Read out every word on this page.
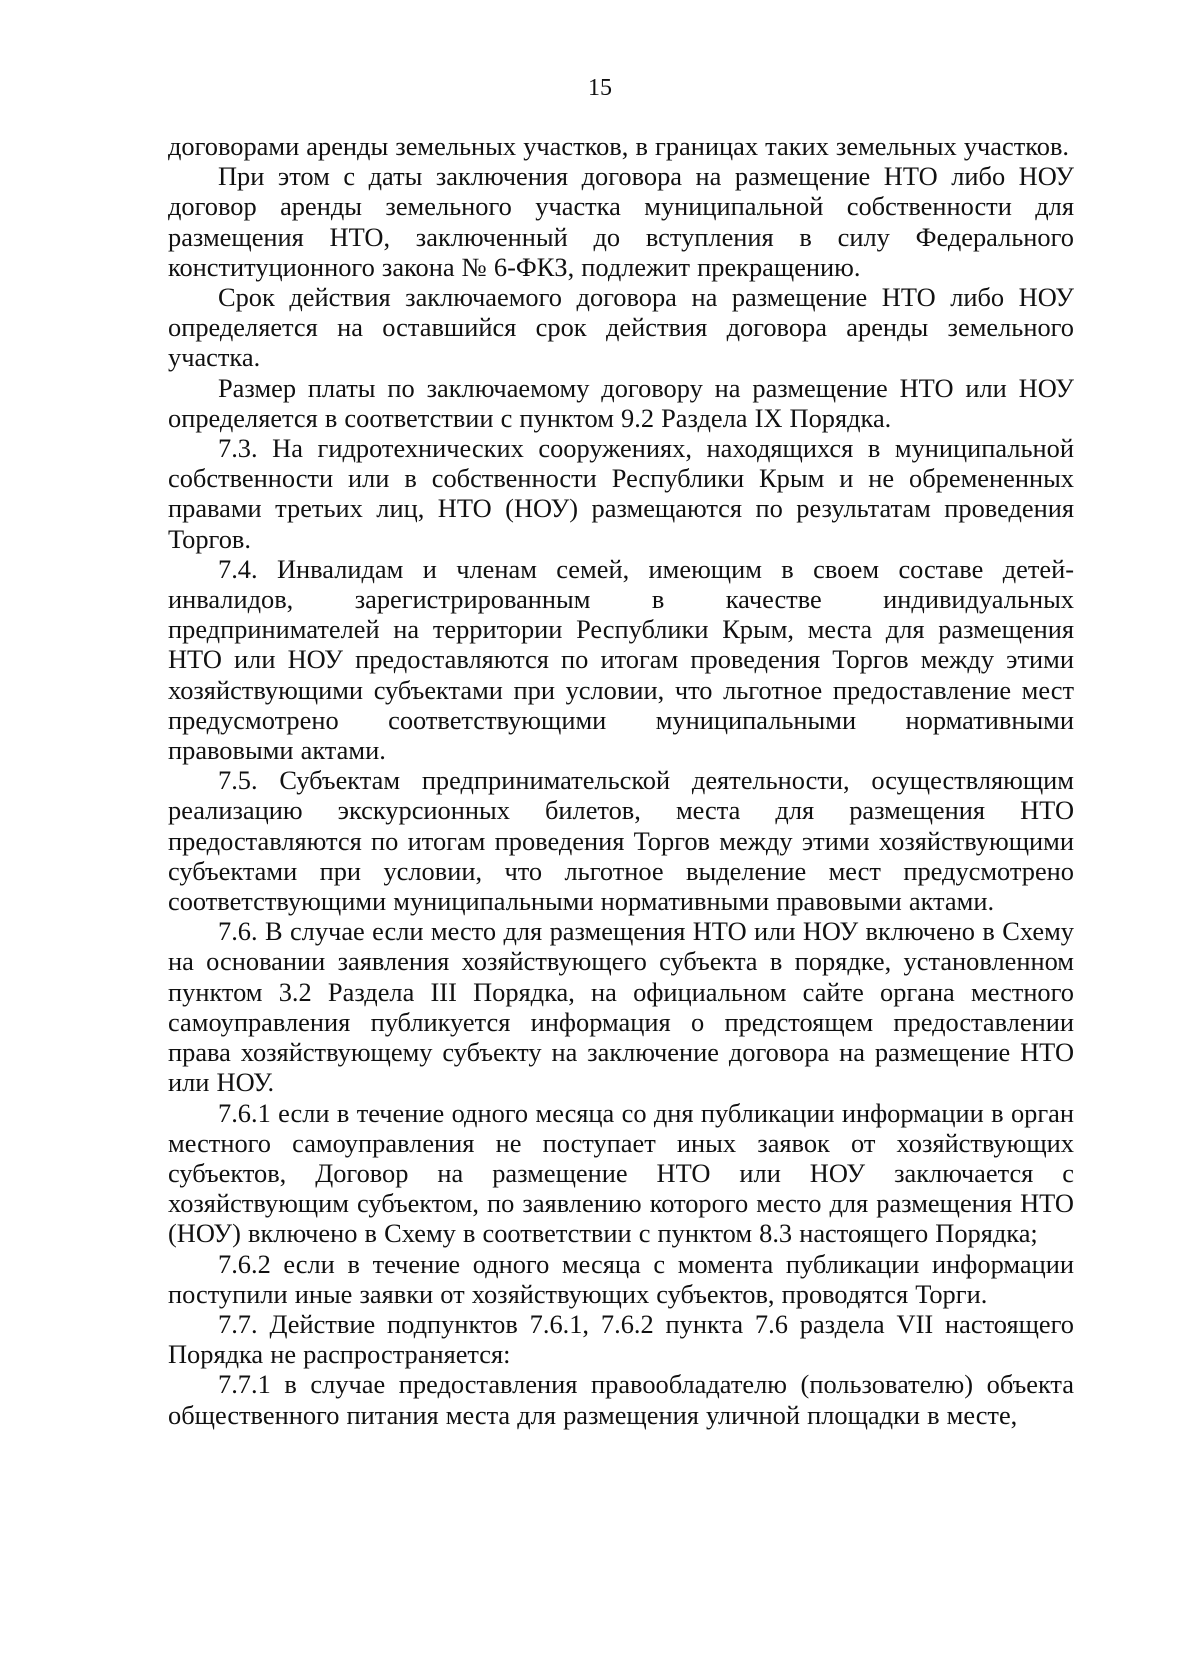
15

договорами аренды земельных участков, в границах таких земельных участков.

При этом с даты заключения договора на размещение НТО либо НОУ договор аренды земельного участка муниципальной собственности для размещения НТО, заключенный до вступления в силу Федерального конституционного закона № 6-ФКЗ, подлежит прекращению.

Срок действия заключаемого договора на размещение НТО либо НОУ определяется на оставшийся срок действия договора аренды земельного участка.

Размер платы по заключаемому договору на размещение НТО или НОУ определяется в соответствии с пунктом 9.2 Раздела IX Порядка.

7.3. На гидротехнических сооружениях, находящихся в муниципальной собственности или в собственности Республики Крым и не обремененных правами третьих лиц, НТО (НОУ) размещаются по результатам проведения Торгов.

7.4. Инвалидам и членам семей, имеющим в своем составе детей-инвалидов, зарегистрированным в качестве индивидуальных предпринимателей на территории Республики Крым, места для размещения НТО или НОУ предоставляются по итогам проведения Торгов между этими хозяйствующими субъектами при условии, что льготное предоставление мест предусмотрено соответствующими муниципальными нормативными правовыми актами.

7.5. Субъектам предпринимательской деятельности, осуществляющим реализацию экскурсионных билетов, места для размещения НТО предоставляются по итогам проведения Торгов между этими хозяйствующими субъектами при условии, что льготное выделение мест предусмотрено соответствующими муниципальными нормативными правовыми актами.

7.6. В случае если место для размещения НТО или НОУ включено в Схему на основании заявления хозяйствующего субъекта в порядке, установленном пунктом 3.2 Раздела III Порядка, на официальном сайте органа местного самоуправления публикуется информация о предстоящем предоставлении права хозяйствующему субъекту на заключение договора на размещение НТО или НОУ.

7.6.1 если в течение одного месяца со дня публикации информации в орган местного самоуправления не поступает иных заявок от хозяйствующих субъектов, Договор на размещение НТО или НОУ заключается с хозяйствующим субъектом, по заявлению которого место для размещения НТО (НОУ) включено в Схему в соответствии с пунктом 8.3 настоящего Порядка;

7.6.2 если в течение одного месяца с момента публикации информации поступили иные заявки от хозяйствующих субъектов, проводятся Торги.

7.7. Действие подпунктов 7.6.1, 7.6.2 пункта 7.6 раздела VII настоящего Порядка не распространяется:

7.7.1 в случае предоставления правообладателю (пользователю) объекта общественного питания места для размещения уличной площадки в месте,
